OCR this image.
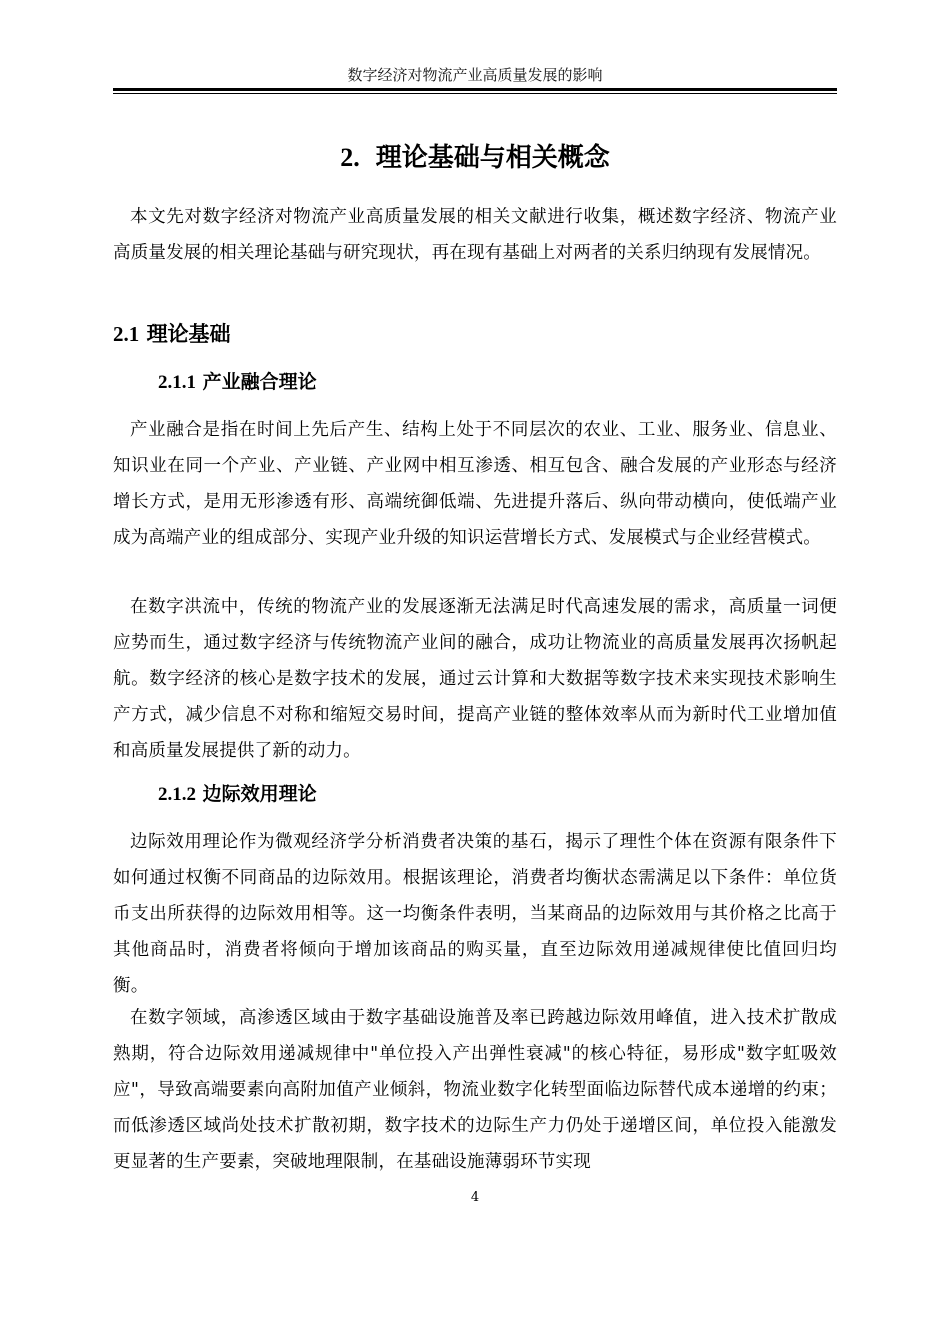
数字经济对物流产业高质量发展的影响
2. 理论基础与相关概念

本文先对数字经济对物流产业高质量发展的相关文献进行收集，概述数字经济、物流产业高质量发展的相关理论基础与研究现状，再在现有基础上对两者的关系归纳现有发展情况。

2.1 理论基础
2.1.1 产业融合理论

产业融合是指在时间上先后产生、结构上处于不同层次的农业、工业、服务业、信息业、知识业在同一个产业、产业链、产业网中相互渗透、相互包含、融合发展的产业形态与经济增长方式，是用无形渗透有形、高端统御低端、先进提升落后、纵向带动横向，使低端产业成为高端产业的组成部分、实现产业升级的知识运营增长方式、发展模式与企业经营模式。

在数字洪流中，传统的物流产业的发展逐渐无法满足时代高速发展的需求，高质量一词便应势而生，通过数字经济与传统物流产业间的融合，成功让物流业的高质量发展再次扬帆起航。数字经济的核心是数字技术的发展，通过云计算和大数据等数字技术来实现技术影响生产方式，减少信息不对称和缩短交易时间，提高产业链的整体效率从而为新时代工业增加值和高质量发展提供了新的动力。

2.1.2 边际效用理论

边际效用理论作为微观经济学分析消费者决策的基石，揭示了理性个体在资源有限条件下如何通过权衡不同商品的边际效用。根据该理论，消费者均衡状态需满足以下条件：单位货币支出所获得的边际效用相等。这一均衡条件表明，当某商品的边际效用与其价格之比高于其他商品时，消费者将倾向于增加该商品的购买量，直至边际效用递减规律使比值回归均衡。

在数字领域，高渗透区域由于数字基础设施普及率已跨越边际效用峰值，进入技术扩散成熟期，符合边际效用递减规律中"单位投入产出弹性衰减"的核心特征，易形成"数字虹吸效应"，导致高端要素向高附加值产业倾斜，物流业数字化转型面临边际替代成本递增的约束；而低渗透区域尚处技术扩散初期，数字技术的边际生产力仍处于递增区间，单位投入能激发更显著的生产要素，突破地理限制，在基础设施薄弱环节实现

4
